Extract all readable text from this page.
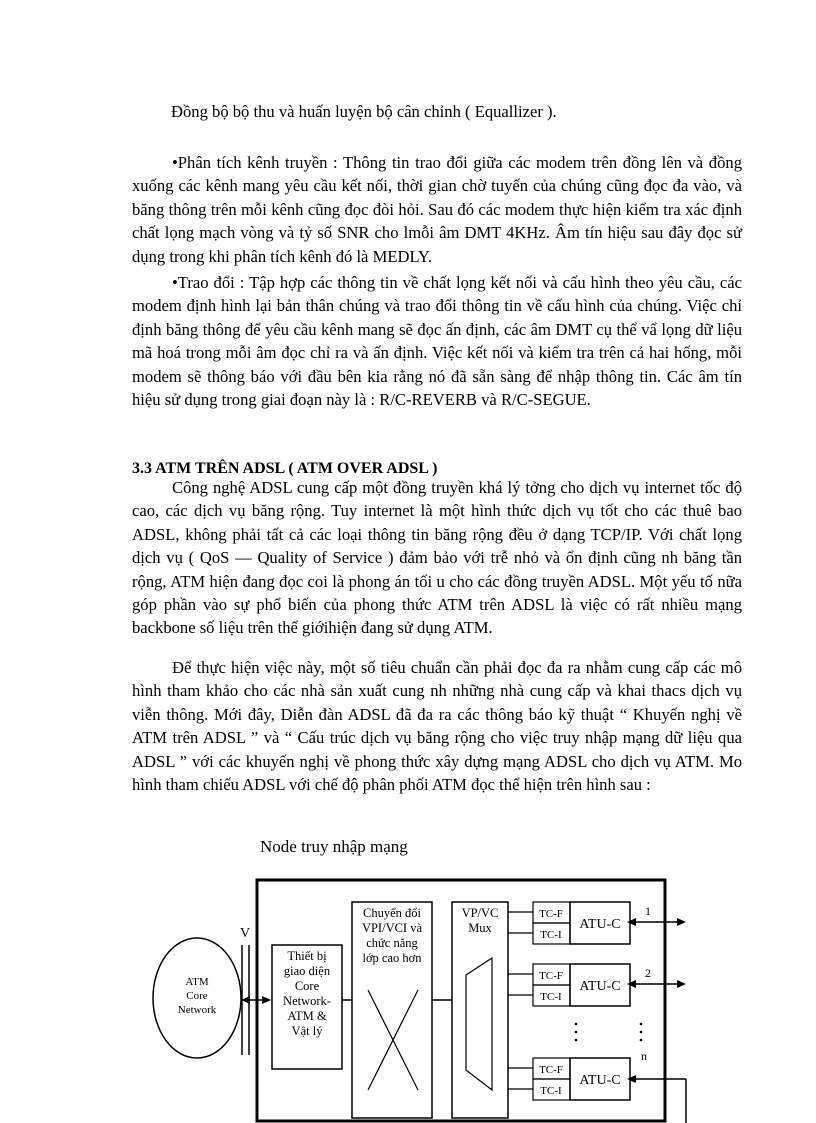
Đồng bộ bộ thu và huấn luyện bộ cân chỉnh ( Equallizer ).

•Phân tích kênh truyền : Thông tin trao đổi giữa các modem trên đồng lên và đồng xuống các kênh mang yêu cầu kết nối, thời gian chờ tuyến của chúng cũng đọc đa vào, và băng thông trên mỗi kênh cũng đọc đòi hỏi. Sau đó các modem thực hiện kiểm tra xác định chất lọng mạch vòng và tỷ số SNR cho lmỗi âm DMT 4KHz. Âm tín hiệu sau đây đọc sử dụng trong khi phân tích kênh đó là MEDLY.

•Trao đổi : Tập hợp các thông tin về chất lọng kết nối và cấu hình theo yêu cầu, các modem định hình lại bản thân chúng và trao đổi thông tin về cấu hình của chúng. Việc chỉ định băng thông để yêu cầu kênh mang sẽ đọc ấn định, các âm DMT cụ thể vẩ lọng dữ liệu mã hoá trong mỗi âm đọc chỉ ra và ấn định. Việc kết nối và kiểm tra trên cả hai hống, mỗi modem sẽ thông báo với đầu bên kia rằng nó đã sẵn sàng để nhập thông tin. Các âm tín hiệu sử dụng trong giai đoạn này là : R/C-REVERB và R/C-SEGUE.

3.3 ATM TRÊN ADSL ( ATM OVER ADSL )

Công nghệ ADSL cung cấp một đồng truyền khá lý tởng cho dịch vụ internet tốc độ cao, các dịch vụ băng rộng. Tuy internet là một hình thức dịch vụ tốt cho các thuê bao ADSL, không phải tất cả các loại thông tin băng rộng đều ở dạng TCP/IP. Với chất lọng dịch vụ ( QoS — Quality of Service ) đảm bảo với trễ nhỏ và ổn định cũng nh băng tần rộng, ATM hiện đang đọc coi là phong án tối u cho các đồng truyền ADSL. Một yếu tố nữa góp phần vào sự phổ biến của phong thức ATM trên ADSL là việc có rất nhiều mạng backbone số liệu trên thế giớihiện đang sử dụng ATM.

Để thực hiện việc này, một số tiêu chuẩn cần phải đọc đa ra nhằm cung cấp các mô hình tham khảo cho các nhà sản xuất cung nh những nhà cung cấp và khai thacs dịch vụ viễn thông. Mới đây, Diễn đàn ADSL đã đa ra các thông báo kỹ thuật “ Khuyến nghị về ATM trên ADSL ” và “ Cấu trúc dịch vụ băng rộng cho việc truy nhập mạng dữ liệu qua ADSL ” với các khuyến nghị về phong thức xây dựng mạng ADSL cho dịch vụ ATM. Mo hình tham chiếu ADSL với chế độ phân phối ATM đọc thể hiện trên hình sau :

Node truy nhập mạng
ATM
Core
Network
V
Thiết bị
giao diện
Core
Network-
ATM &
Vật lý
Chuyển đổi
VPI/VCI và
chức năng
lớp cao hơn
VP/VC
Mux
TC-F
TC-I
ATU-C
1
TC-F
TC-I
ATU-C
2
TC-F
TC-I
ATU-C
n
